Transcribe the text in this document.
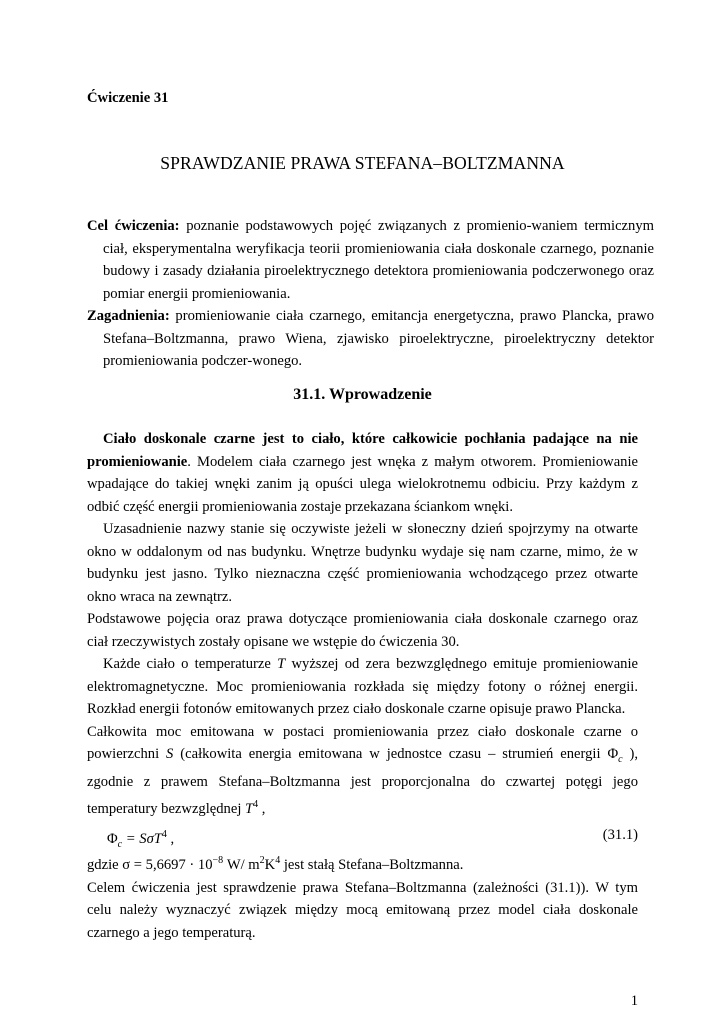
Ćwiczenie 31
SPRAWDZANIE PRAWA STEFANA–BOLTZMANNA
Cel ćwiczenia: poznanie podstawowych pojęć związanych z promienio-waniem termicznym ciał, eksperymentalna weryfikacja teorii promieniowania ciała doskonale czarnego, poznanie budowy i zasady działania piroelektrycznego detektora promieniowania podczerwonego oraz pomiar energii promieniowania.
Zagadnienia: promieniowanie ciała czarnego, emitancja energetyczna, prawo Plancka, prawo Stefana–Boltzmanna, prawo Wiena, zjawisko piroelektryczne, piroelektryczny detektor promieniowania podczer-wonego.
31.1. Wprowadzenie

Ciało doskonale czarne jest to ciało, które całkowicie pochłania padające na nie promieniowanie. Modelem ciała czarnego jest wnęka z małym otworem. Promieniowanie wpadające do takiej wnęki zanim ją opuści ulega wielokrotnemu odbiciu. Przy każdym z odbić część energii promieniowania zostaje przekazana ściankom wnęki.

Uzasadnienie nazwy stanie się oczywiste jeżeli w słoneczny dzień spojrzymy na otwarte okno w oddalonym od nas budynku. Wnętrze budynku wydaje się nam czarne, mimo, że w budynku jest jasno. Tylko nieznaczna część promieniowania wchodzącego przez otwarte okno wraca na zewnątrz.

Podstawowe pojęcia oraz prawa dotyczące promieniowania ciała doskonale czarnego oraz ciał rzeczywistych zostały opisane we wstępie do ćwiczenia 30.

Każde ciało o temperaturze T wyższej od zera bezwzględnego emituje promieniowanie elektromagnetyczne. Moc promieniowania rozkłada się między fotony o różnej energii. Rozkład energii fotonów emitowanych przez ciało doskonale czarne opisuje prawo Plancka.

Całkowita moc emitowana w postaci promieniowania przez ciało doskonale czarne o powierzchni S (całkowita energia emitowana w jednostce czasu – strumień energii $\Phi_c$ ), zgodnie z prawem Stefana–Boltzmanna jest proporcjonalna do czwartej potęgi jego temperatury bezwzględnej $T^4$ ,

$\Phi_c = S\sigma T^4$ ,	(31.1)

gdzie $\sigma = 5,6697 \cdot 10^{-8}$ W/ $m^2K^4$ jest stałą Stefana–Boltzmanna.

Celem ćwiczenia jest sprawdzenie prawa Stefana–Boltzmanna (zależności (31.1)). W tym celu należy wyznaczyć związek między mocą emitowaną przez model ciała doskonale czarnego a jego temperaturą.

1
